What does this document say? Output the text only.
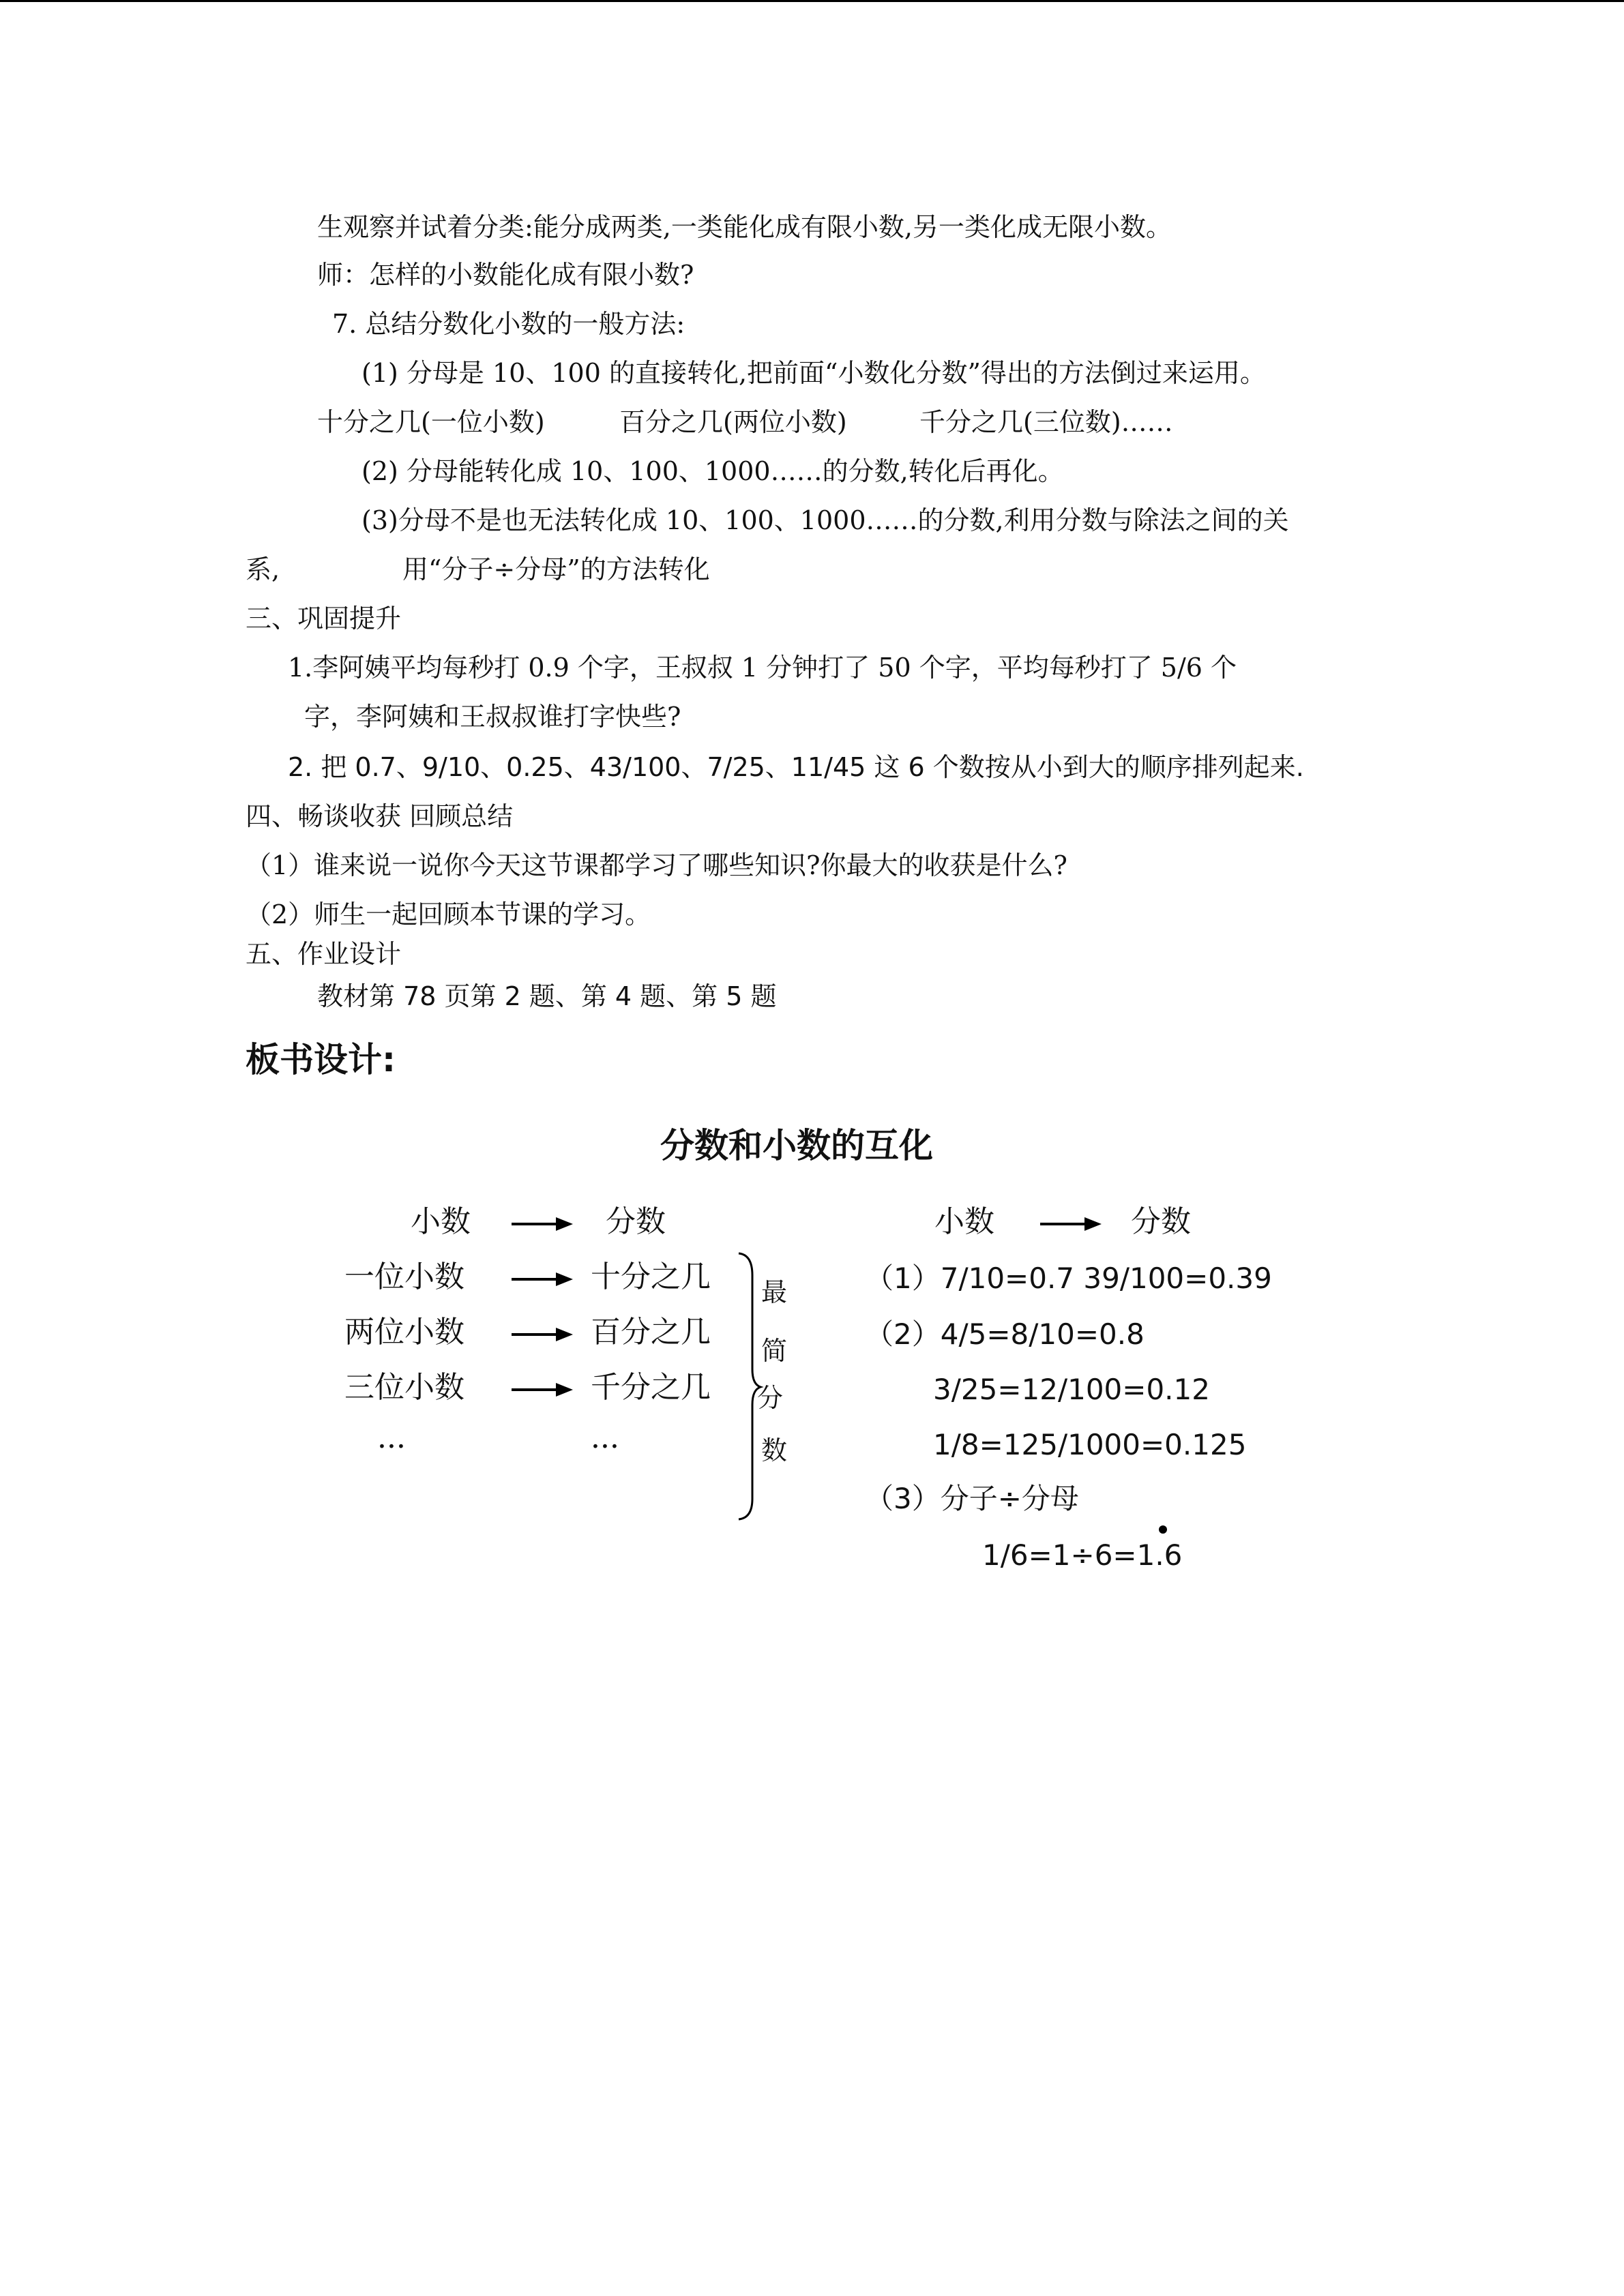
生观察并试着分类:能分成两类,一类能化成有限小数,另一类化成无限小数。
师：怎样的小数能化成有限小数?
7. 总结分数化小数的一般方法:
(1) 分母是 10、100 的直接转化,把前面“小数化分数”得出的方法倒过来运用。
十分之几(一位小数)	百分之几(两位小数)	千分之几(三位数)……
(2) 分母能转化成 10、100、1000……的分数,转化后再化。
(3)分母不是也无法转化成 10、100、1000……的分数,利用分数与除法之间的关
系,	用“分子÷分母”的方法转化
三、巩固提升
1.李阿姨平均每秒打 0.9 个字，王叔叔 1 分钟打了 50 个字，平均每秒打了 5/6 个
字，李阿姨和王叔叔谁打字快些?
2. 把 0.7、9/10、0.25、43/100、7/25、11/45 这 6 个数按从小到大的顺序排列起来.
四、畅谈收获 回顾总结
（1）谁来说一说你今天这节课都学习了哪些知识?你最大的收获是什么?
（2）师生一起回顾本节课的学习。
五、作业设计
教材第 78 页第 2 题、第 4 题、第 5 题
板书设计:
分数和小数的互化
小数	分数
一位小数	十分之几
两位小数	百分之几
三位小数	千分之几
···	···
最
简
分
数
小数	分数
（1）7/10=0.7 39/100=0.39
（2）4/5=8/10=0.8
3/25=12/100=0.12
1/8=125/1000=0.125
（3）分子÷分母
1/6=1÷6=1.6
